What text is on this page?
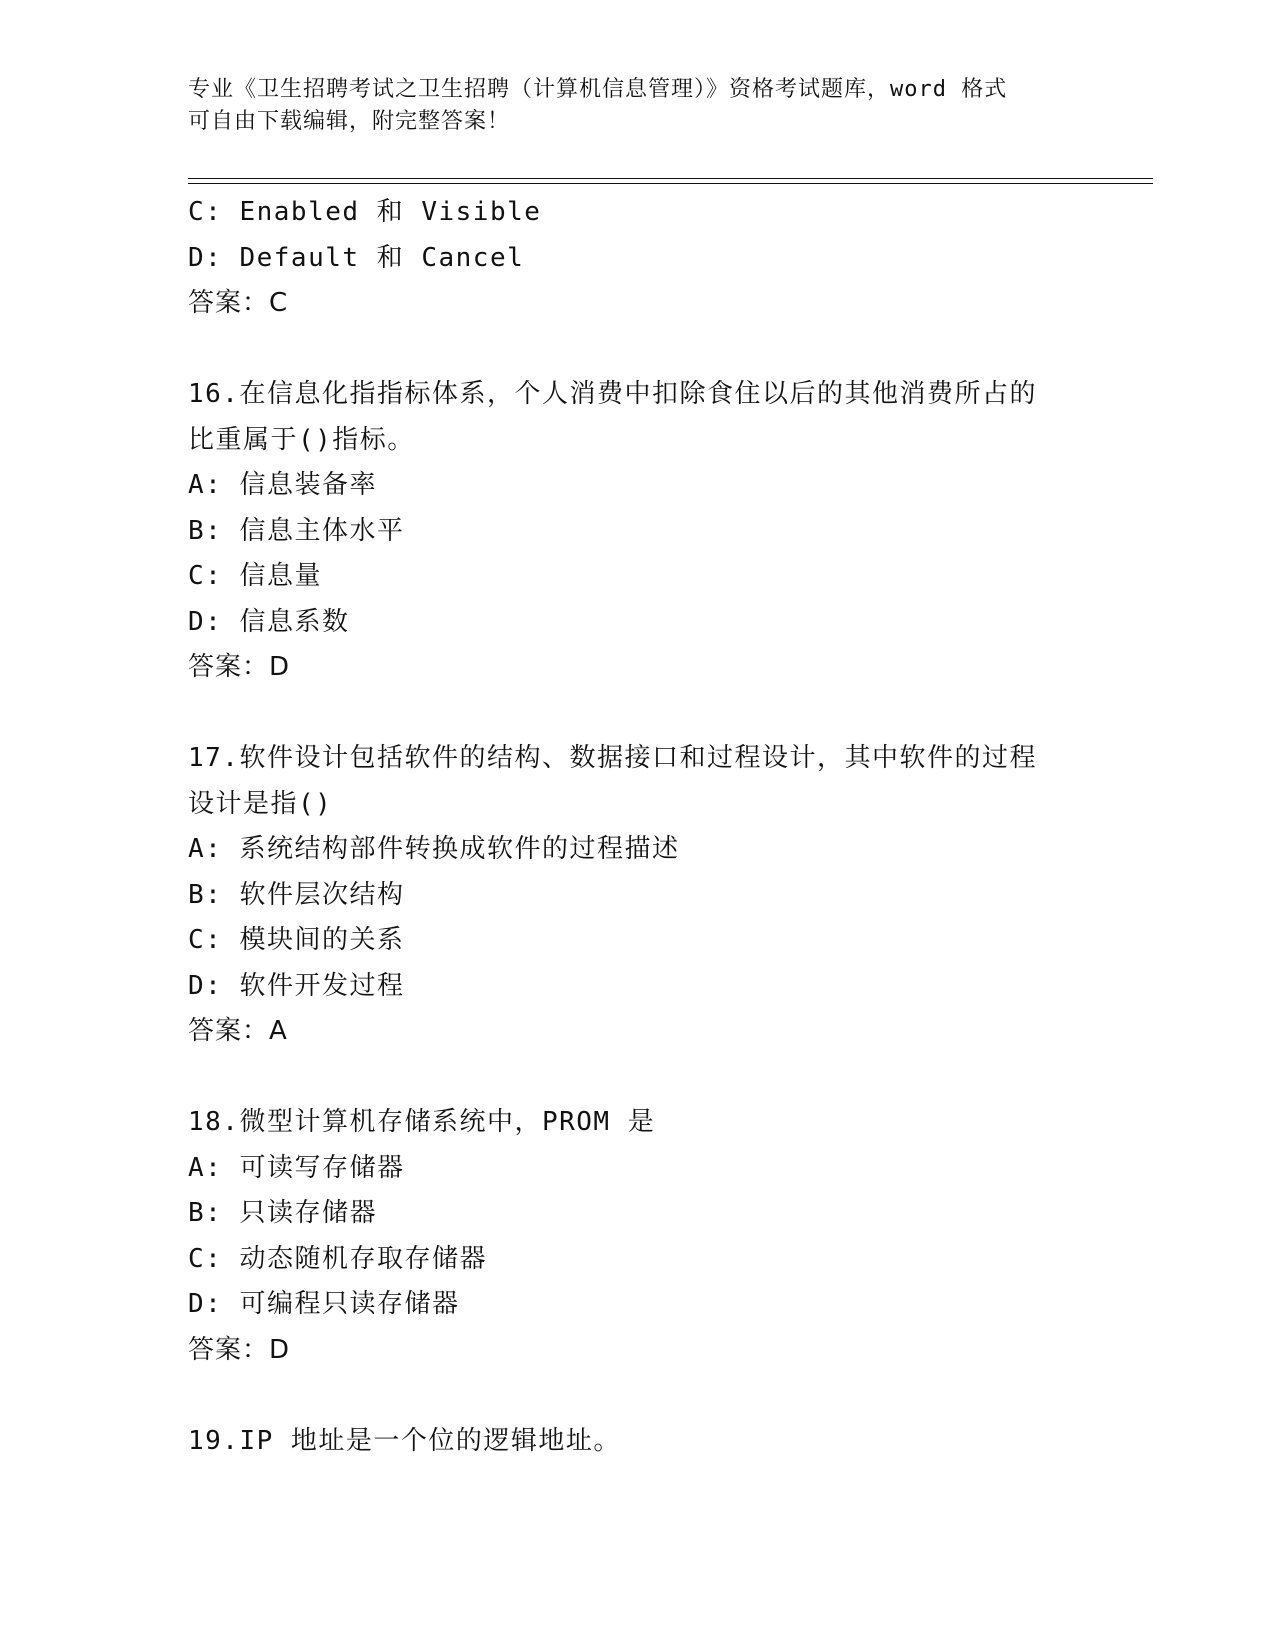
专业《卫生招聘考试之卫生招聘（计算机信息管理）》资格考试题库，word 格式
可自由下载编辑，附完整答案！
C: Enabled 和 Visible
D: Default 和 Cancel
答案：C
16.在信息化指指标体系，个人消费中扣除食住以后的其他消费所占的
比重属于()指标。
A: 信息装备率
B: 信息主体水平
C: 信息量
D: 信息系数
答案：D
17.软件设计包括软件的结构、数据接口和过程设计，其中软件的过程
设计是指()
A: 系统结构部件转换成软件的过程描述
B: 软件层次结构
C: 模块间的关系
D: 软件开发过程
答案：A
18.微型计算机存储系统中，PROM 是
A: 可读写存储器
B: 只读存储器
C: 动态随机存取存储器
D: 可编程只读存储器
答案：D
19.IP 地址是一个位的逻辑地址。
